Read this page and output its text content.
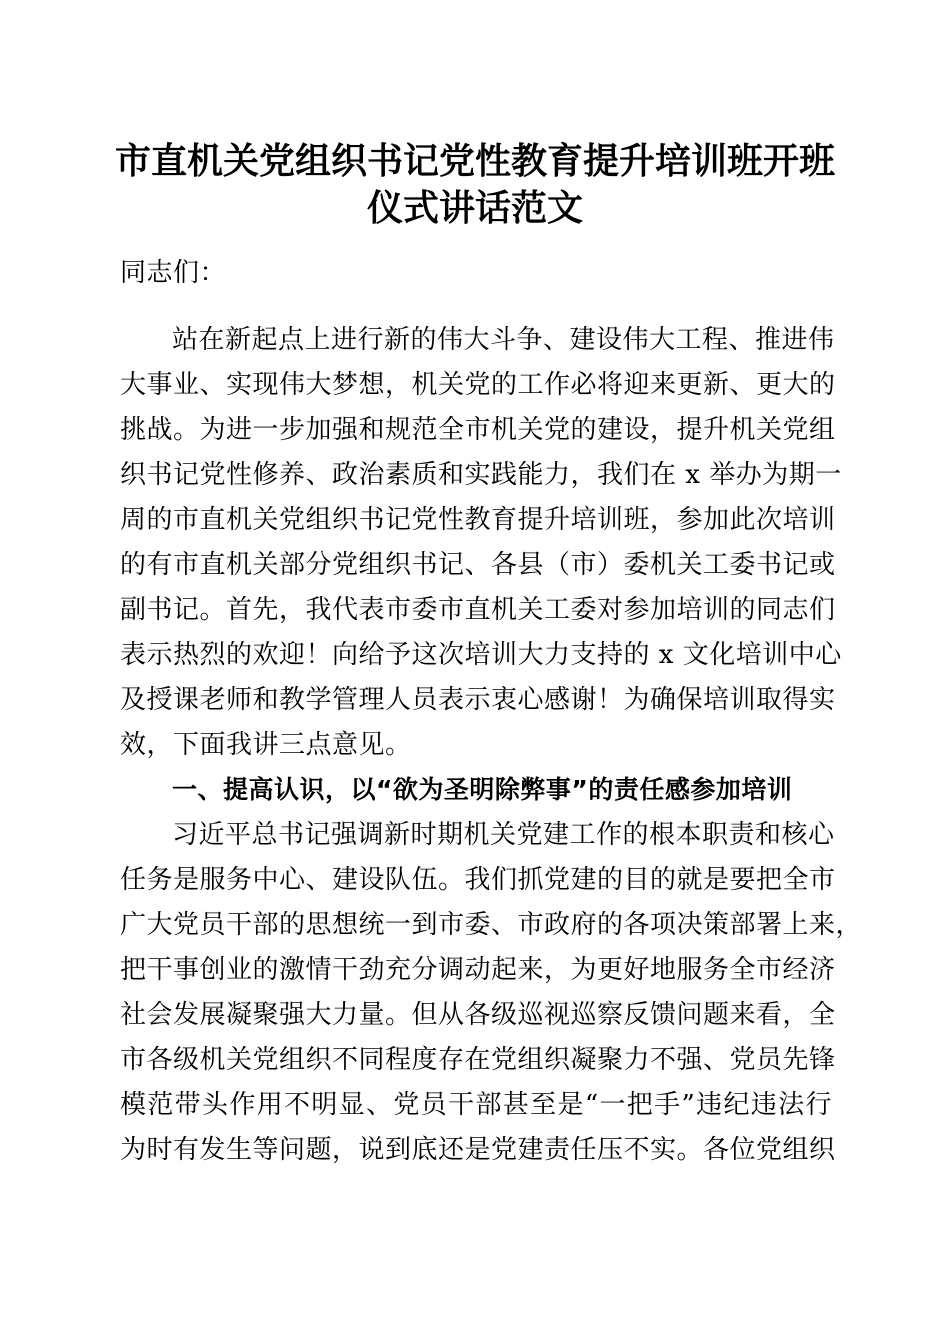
市直机关党组织书记党性教育提升培训班开班
仪式讲话范文
同志们：
站在新起点上进行新的伟大斗争、建设伟大工程、推进伟
大事业、实现伟大梦想，机关党的工作必将迎来更新、更大的
挑战。为进一步加强和规范全市机关党的建设，提升机关党组
织书记党性修养、政治素质和实践能力，我们在 x 举办为期一
周的市直机关党组织书记党性教育提升培训班，参加此次培训
的有市直机关部分党组织书记、各县（市）委机关工委书记或
副书记。首先，我代表市委市直机关工委对参加培训的同志们
表示热烈的欢迎！向给予这次培训大力支持的 x 文化培训中心
及授课老师和教学管理人员表示衷心感谢！为确保培训取得实
效，下面我讲三点意见。
一、提高认识，以“欲为圣明除弊事”的责任感参加培训
习近平总书记强调新时期机关党建工作的根本职责和核心
任务是服务中心、建设队伍。我们抓党建的目的就是要把全市
广大党员干部的思想统一到市委、市政府的各项决策部署上来，
把干事创业的激情干劲充分调动起来，为更好地服务全市经济
社会发展凝聚强大力量。但从各级巡视巡察反馈问题来看，全
市各级机关党组织不同程度存在党组织凝聚力不强、党员先锋
模范带头作用不明显、党员干部甚至是“一把手”违纪违法行
为时有发生等问题，说到底还是党建责任压不实。各位党组织
